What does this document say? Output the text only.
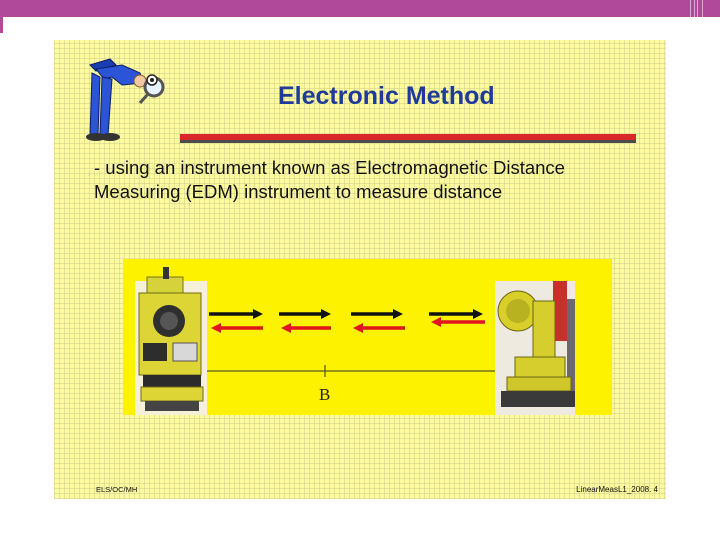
Electronic Method
- using an instrument known as Electromagnetic Distance
Measuring (EDM) instrument to measure distance
B
ELS/OC/MH	LinearMeasL1_2008. 4
